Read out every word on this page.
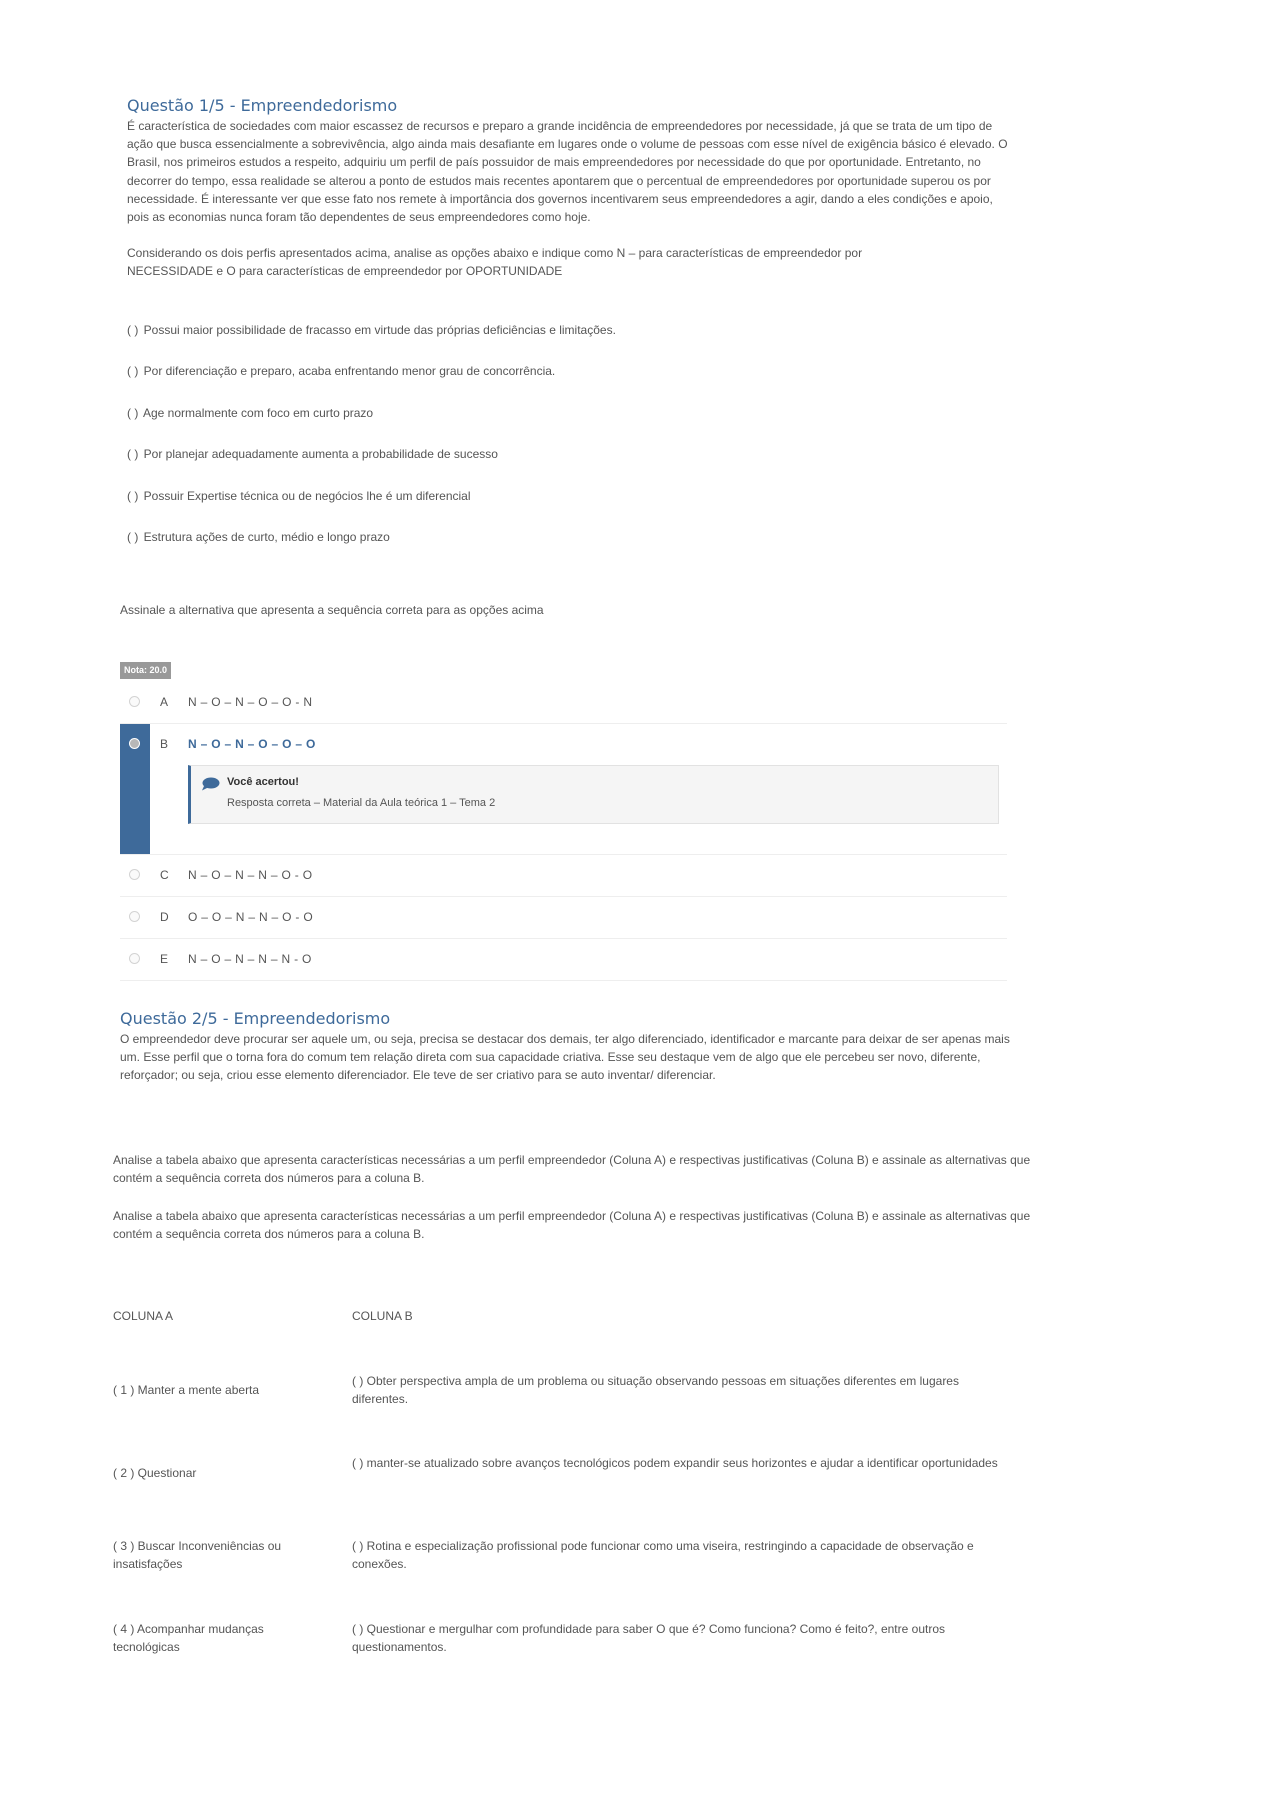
Questão 1/5 - Empreendedorismo

É característica de sociedades com maior escassez de recursos e preparo a grande incidência de empreendedores por necessidade, já que se trata de um tipo de ação que busca essencialmente a sobrevivência, algo ainda mais desafiante em lugares onde o volume de pessoas com esse nível de exigência básico é elevado. O Brasil, nos primeiros estudos a respeito, adquiriu um perfil de país possuidor de mais empreendedores por necessidade do que por oportunidade. Entretanto, no decorrer do tempo, essa realidade se alterou a ponto de estudos mais recentes apontarem que o percentual de empreendedores por oportunidade superou os por necessidade. É interessante ver que esse fato nos remete à importância dos governos incentivarem seus empreendedores a agir, dando a eles condições e apoio, pois as economias nunca foram tão dependentes de seus empreendedores como hoje.

Considerando os dois perfis apresentados acima, analise as opções abaixo e indique como N – para características de empreendedor por NECESSIDADE e O para características de empreendedor por OPORTUNIDADE

( ) Possui maior possibilidade de fracasso em virtude das próprias deficiências e limitações.

( ) Por diferenciação e preparo, acaba enfrentando menor grau de concorrência.

( ) Age normalmente com foco em curto prazo

( ) Por planejar adequadamente aumenta a probabilidade de sucesso

( ) Possuir Expertise técnica ou de negócios lhe é um diferencial

( ) Estrutura ações de curto, médio e longo prazo

Assinale a alternativa que apresenta a sequência correta para as opções acima

Nota: 20.0
A N – O – N – O – O - N
B N – O – N – O – O – O
Você acertou!
Resposta correta – Material da Aula teórica 1 – Tema 2
C N – O – N – N – O - O
D O – O – N – N – O - O
E N – O – N – N – N - O
Questão 2/5 - Empreendedorismo

O empreendedor deve procurar ser aquele um, ou seja, precisa se destacar dos demais, ter algo diferenciado, identificador e marcante para deixar de ser apenas mais um. Esse perfil que o torna fora do comum tem relação direta com sua capacidade criativa. Esse seu destaque vem de algo que ele percebeu ser novo, diferente, reforçador; ou seja, criou esse elemento diferenciador. Ele teve de ser criativo para se auto inventar/ diferenciar.

Analise a tabela abaixo que apresenta características necessárias a um perfil empreendedor (Coluna A) e respectivas justificativas (Coluna B) e assinale as alternativas que contém a sequência correta dos números para a coluna B.

Analise a tabela abaixo que apresenta características necessárias a um perfil empreendedor (Coluna A) e respectivas justificativas (Coluna B) e assinale as alternativas que contém a sequência correta dos números para a coluna B.

COLUNA A	COLUNA B

( 1 ) Manter a mente aberta

( ) Obter perspectiva ampla de um problema ou situação observando pessoas em situações diferentes em lugares diferentes.

( 2 ) Questionar

( ) manter-se atualizado sobre avanços tecnológicos podem expandir seus horizontes e ajudar a identificar oportunidades

( 3 ) Buscar Inconveniências ou insatisfações

( ) Rotina e especialização profissional pode funcionar como uma viseira, restringindo a capacidade de observação e conexões.

( 4 ) Acompanhar mudanças tecnológicas

( ) Questionar e mergulhar com profundidade para saber O que é? Como funciona? Como é feito?, entre outros questionamentos.
